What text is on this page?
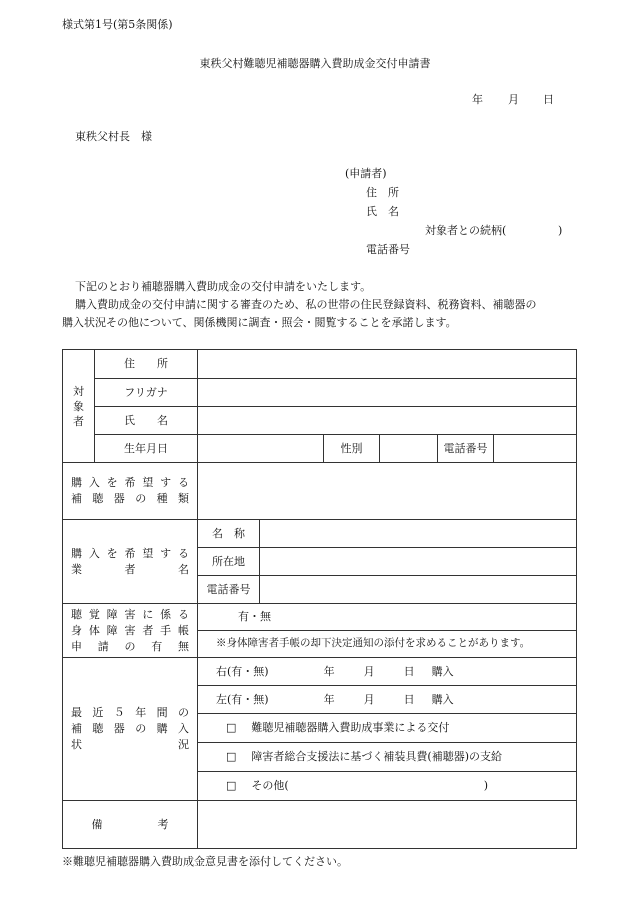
様式第1号(第5条関係)
東秩父村難聴児補聴器購入費助成金交付申請書
年 月 日
東秩父村長　様
(申請者)
住　所
氏　名
対象者との続柄(	)
電話番号
下記のとおり補聴器購入費助成金の交付申請をいたします。
購入費助成金の交付申請に関する審査のため、私の世帯の住民登録資料、税務資料、補聴器の
購入状況その他について、関係機関に調査・照会・閲覧することを承諾します。
対
象
者	住　　所						
	フリガナ						
	氏　　名						
	生年月日			性別		電話番号	

購入を希望する
補聴器の種類							

購入を希望する
業　　者　　名		名　称					
		所在地					
		電話番号					

聴覚障害に係る
身体障害者手帳
申　請　の　有　無		有・無					
		※身体障害者手帳の却下決定通知の添付を求めることがあります。					

最近５年間の
補聴器の購入
状　　　況		右(有・無) 年 月 日 購入					
		左(有・無) 年 月 日 購入					
		□ 難聴児補聴器購入費助成事業による交付					
		□ 障害者総合支援法に基づく補装具費(補聴器)の支給					
		□ その他( )					
備　　　　　考							
※難聴児補聴器購入費助成金意見書を添付してください。
